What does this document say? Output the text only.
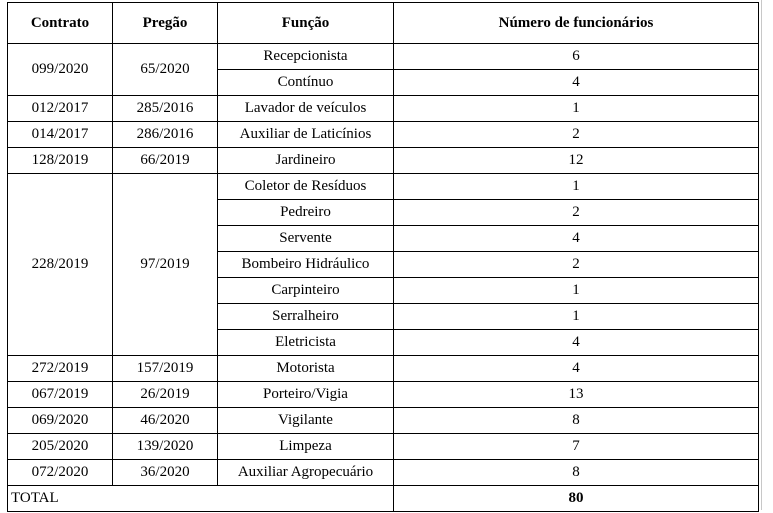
Contrato	Pregão	Função	Número de funcionários
099/2020	65/2020	Recepcionista	6
		Contínuo	4
012/2017	285/2016	Lavador de veículos	1
014/2017	286/2016	Auxiliar de Laticínios	2
128/2019	66/2019	Jardineiro	12
228/2019	97/2019	Coletor de Resíduos	1
		Pedreiro	2
		Servente	4
		Bombeiro Hidráulico	2
		Carpinteiro	1
		Serralheiro	1
		Eletricista	4
272/2019	157/2019	Motorista	4
067/2019	26/2019	Porteiro/Vigia	13
069/2020	46/2020	Vigilante	8
205/2020	139/2020	Limpeza	7
072/2020	36/2020	Auxiliar Agropecuário	8
TOTAL			80
